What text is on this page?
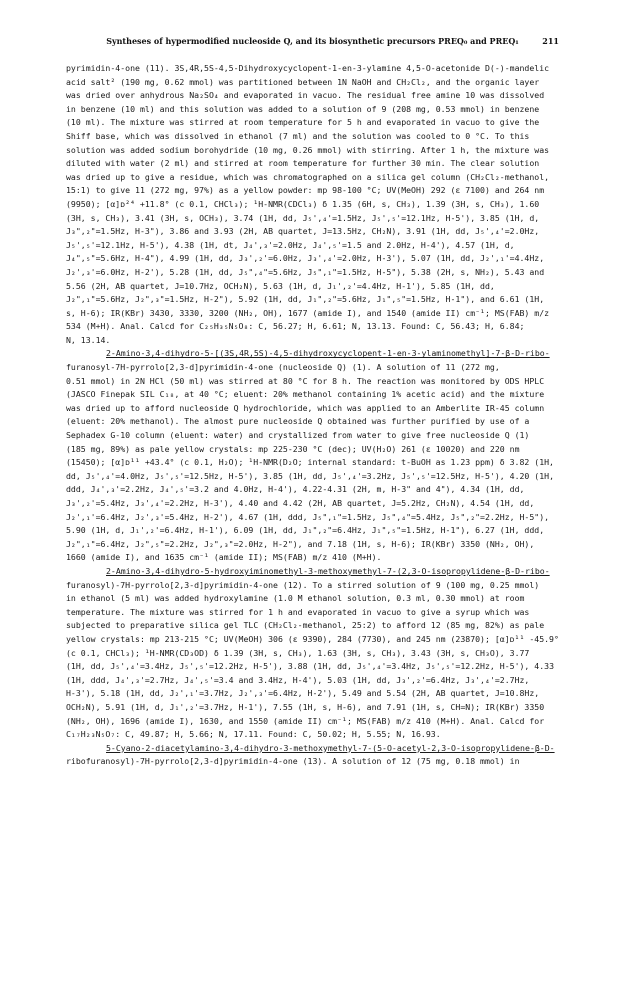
Syntheses of hypermodified nucleoside Q, and its biosynthetic precursors PREQ₀ and PREQ₁	211
pyrimidin-4-one (11). 3S,4R,5S-4,5-Dihydroxycyclopent-1-en-3-ylamine 4,5-O-acetonide D(-)-mandelic
acid salt² (190 mg, 0.62 mmol) was partitioned between 1N NaOH and CH₂Cl₂, and the organic layer
was dried over anhydrous Na₂SO₄ and evaporated in vacuo. The residual free amine 10 was dissolved
in benzene (10 ml) and this solution was added to a solution of 9 (208 mg, 0.53 mmol) in benzene
(10 ml). The mixture was stirred at room temperature for 5 h and evaporated in vacuo to give the
Shiff base, which was dissolved in ethanol (7 ml) and the solution was cooled to 0 °C. To this
solution was added sodium borohydride (10 mg, 0.26 mmol) with stirring. After 1 h, the mixture was
diluted with water (2 ml) and stirred at room temperature for further 30 min. The clear solution
was dried up to give a residue, which was chromatographed on a silica gel column (CH₂Cl₂-methanol,
15:1) to give 11 (272 mg, 97%) as a yellow powder: mp 98-100 °C; UV(MeOH) 292 (ε 7100) and 264 nm
(9950); [α]ᴅ²⁴ +11.8° (c 0.1, CHCl₃); ¹H-NMR(CDCl₃) δ 1.35 (6H, s, CH₃), 1.39 (3H, s, CH₃), 1.60
(3H, s, CH₃), 3.41 (3H, s, OCH₃), 3.74 (1H, dd, J₅',₄'=1.5Hz, J₅',₅'=12.1Hz, H-5'), 3.85 (1H, d,
J₃",₂"=1.5Hz, H-3"), 3.86 and 3.93 (2H, AB quartet, J=13.5Hz, CH₂N), 3.91 (1H, dd, J₅',₄'=2.0Hz,
J₅',₅'=12.1Hz, H-5'), 4.38 (1H, dt, J₄',₃'=2.0Hz, J₄',₅'=1.5 and 2.0Hz, H-4'), 4.57 (1H, d,
J₄",₅"=5.6Hz, H-4"), 4.99 (1H, dd, J₃',₂'=6.0Hz, J₃',₄'=2.0Hz, H-3'), 5.07 (1H, dd, J₂',₁'=4.4Hz,
J₂',₃'=6.0Hz, H-2'), 5.28 (1H, dd, J₅",₄"=5.6Hz, J₅",₁"=1.5Hz, H-5"), 5.38 (2H, s, NH₂), 5.43 and
5.56 (2H, AB quartet, J=10.7Hz, OCH₂N), 5.63 (1H, d, J₁',₂'=4.4Hz, H-1'), 5.85 (1H, dd,
J₂",₁"=5.6Hz, J₂",₃"=1.5Hz, H-2"), 5.92 (1H, dd, J₁",₂"=5.6Hz, J₁",₅"=1.5Hz, H-1"), and 6.61 (1H,
s, H-6); IR(KBr) 3430, 3330, 3200 (NH₂, OH), 1677 (amide I), and 1540 (amide II) cm⁻¹; MS(FAB) m/z
534 (M+H). Anal. Calcd for C₂₅H₃₅N₅O₈: C, 56.27; H, 6.61; N, 13.13. Found: C, 56.43; H, 6.84;
N, 13.14.
2-Amino-3,4-dihydro-5-[(3S,4R,5S)-4,5-dihydroxycyclopent-1-en-3-ylaminomethyl]-7-β-D-ribo-
furanosyl-7H-pyrrolo[2,3-d]pyrimidin-4-one (nucleoside Q) (1). A solution of 11 (272 mg,
0.51 mmol) in 2N HCl (50 ml) was stirred at 80 °C for 8 h. The reaction was monitored by ODS HPLC
(JASCO Finepak SIL C₁₈, at 40 °C; eluent: 20% methanol containing 1% acetic acid) and the mixture
was dried up to afford nucleoside Q hydrochloride, which was applied to an Amberlite IR-45 column
(eluent: 20% methanol). The almost pure nucleoside Q obtained was further purified by use of a
Sephadex G-10 column (eluent: water) and crystallized from water to give free nucleoside Q (1)
(185 mg, 89%) as pale yellow crystals: mp 225-230 °C (dec); UV(H₂O) 261 (ε 10020) and 220 nm
(15450); [α]ᴅ¹¹ +43.4° (c 0.1, H₂O); ¹H-NMR(D₂O; internal standard: t-BuOH as 1.23 ppm) δ 3.82 (1H,
dd, J₅',₄'=4.0Hz, J₅',₅'=12.5Hz, H-5'), 3.85 (1H, dd, J₅',₄'=3.2Hz, J₅',₅'=12.5Hz, H-5'), 4.20 (1H,
ddd, J₄',₃'=2.2Hz, J₄',₅'=3.2 and 4.0Hz, H-4'), 4.22-4.31 (2H, m, H-3" and 4"), 4.34 (1H, dd,
J₃',₂'=5.4Hz, J₃',₄'=2.2Hz, H-3'), 4.40 and 4.42 (2H, AB quartet, J=5.2Hz, CH₂N), 4.54 (1H, dd,
J₂',₁'=6.4Hz, J₂',₃'=5.4Hz, H-2'), 4.67 (1H, ddd, J₅",₁"=1.5Hz, J₅",₄"=5.4Hz, J₅",₂"=2.2Hz, H-5"),
5.90 (1H, d, J₁',₂'=6.4Hz, H-1'), 6.09 (1H, dd, J₁",₂"=6.4Hz, J₁",₅"=1.5Hz, H-1"), 6.27 (1H, ddd,
J₂",₁"=6.4Hz, J₂",₅"=2.2Hz, J₂",₃"=2.0Hz, H-2"), and 7.18 (1H, s, H-6); IR(KBr) 3350 (NH₂, OH),
1660 (amide I), and 1635 cm⁻¹ (amide II); MS(FAB) m/z 410 (M+H).
2-Amino-3,4-dihydro-5-hydroxyiminomethyl-3-methoxymethyl-7-(2,3-O-isopropylidene-β-D-ribo-
furanosyl)-7H-pyrrolo[2,3-d]pyrimidin-4-one (12). To a stirred solution of 9 (100 mg, 0.25 mmol)
in ethanol (5 ml) was added hydroxylamine (1.0 M ethanol solution, 0.3 ml, 0.30 mmol) at room
temperature. The mixture was stirred for 1 h and evaporated in vacuo to give a syrup which was
subjected to preparative silica gel TLC (CH₂Cl₂-methanol, 25:2) to afford 12 (85 mg, 82%) as pale
yellow crystals: mp 213-215 °C; UV(MeOH) 306 (ε 9390), 284 (7730), and 245 nm (23870); [α]ᴅ¹¹ -45.9°
(c 0.1, CHCl₃); ¹H-NMR(CD₃OD) δ 1.39 (3H, s, CH₃), 1.63 (3H, s, CH₃), 3.43 (3H, s, CH₃O), 3.77
(1H, dd, J₅',₄'=3.4Hz, J₅',₅'=12.2Hz, H-5'), 3.88 (1H, dd, J₅',₄'=3.4Hz, J₅',₅'=12.2Hz, H-5'), 4.33
(1H, ddd, J₄',₃'=2.7Hz, J₄',₅'=3.4 and 3.4Hz, H-4'), 5.03 (1H, dd, J₃',₂'=6.4Hz, J₃',₄'=2.7Hz,
H-3'), 5.18 (1H, dd, J₂',₁'=3.7Hz, J₂',₃'=6.4Hz, H-2'), 5.49 and 5.54 (2H, AB quartet, J=10.8Hz,
OCH₂N), 5.91 (1H, d, J₁',₂'=3.7Hz, H-1'), 7.55 (1H, s, H-6), and 7.91 (1H, s, CH=N); IR(KBr) 3350
(NH₂, OH), 1696 (amide I), 1630, and 1550 (amide II) cm⁻¹; MS(FAB) m/z 410 (M+H). Anal. Calcd for
C₁₇H₂₃N₅O₇: C, 49.87; H, 5.66; N, 17.11. Found: C, 50.02; H, 5.55; N, 16.93.
5-Cyano-2-diacetylamino-3,4-dihydro-3-methoxymethyl-7-(5-O-acetyl-2,3-O-isopropylidene-β-D-
ribofuranosyl)-7H-pyrrolo[2,3-d]pyrimidin-4-one (13). A solution of 12 (75 mg, 0.18 mmol) in
